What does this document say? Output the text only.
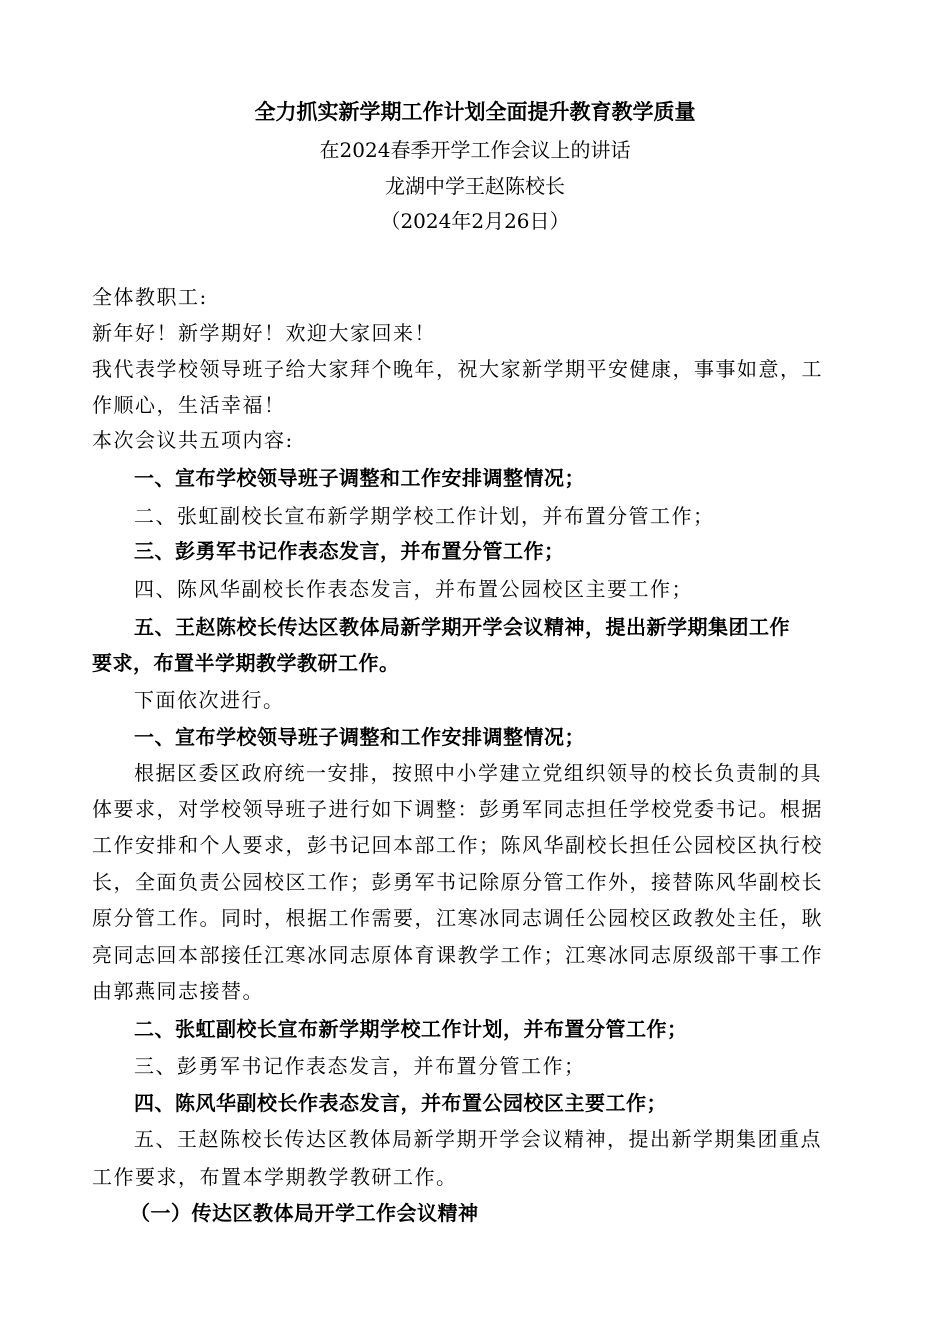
全力抓实新学期工作计划全面提升教育教学质量
在2024春季开学工作会议上的讲话
龙湖中学王赵陈校长
（2024年2月26日）
全体教职工:
新年好！新学期好！欢迎大家回来！
我代表学校领导班子给大家拜个晚年，祝大家新学期平安健康，事事如意，工
作顺心，生活幸福！
本次会议共五项内容:
一、宣布学校领导班子调整和工作安排调整情况；
二、张虹副校长宣布新学期学校工作计划，并布置分管工作；
三、彭勇军书记作表态发言，并布置分管工作；
四、陈风华副校长作表态发言，并布置公园校区主要工作；
五、王赵陈校长传达区教体局新学期开学会议精神，提出新学期集团工作
要求，布置半学期教学教研工作。
下面依次进行。
一、宣布学校领导班子调整和工作安排调整情况；
根据区委区政府统一安排，按照中小学建立党组织领导的校长负责制的具
体要求，对学校领导班子进行如下调整：彭勇军同志担任学校党委书记。根据
工作安排和个人要求，彭书记回本部工作；陈风华副校长担任公园校区执行校
长，全面负责公园校区工作；彭勇军书记除原分管工作外，接替陈风华副校长
原分管工作。同时，根据工作需要，江寒冰同志调任公园校区政教处主任，耿
亮同志回本部接任江寒冰同志原体育课教学工作；江寒冰同志原级部干事工作
由郭燕同志接替。
二、张虹副校长宣布新学期学校工作计划，并布置分管工作；
三、彭勇军书记作表态发言，并布置分管工作；
四、陈风华副校长作表态发言，并布置公园校区主要工作；
五、王赵陈校长传达区教体局新学期开学会议精神，提出新学期集团重点
工作要求，布置本学期教学教研工作。
（一）传达区教体局开学工作会议精神
